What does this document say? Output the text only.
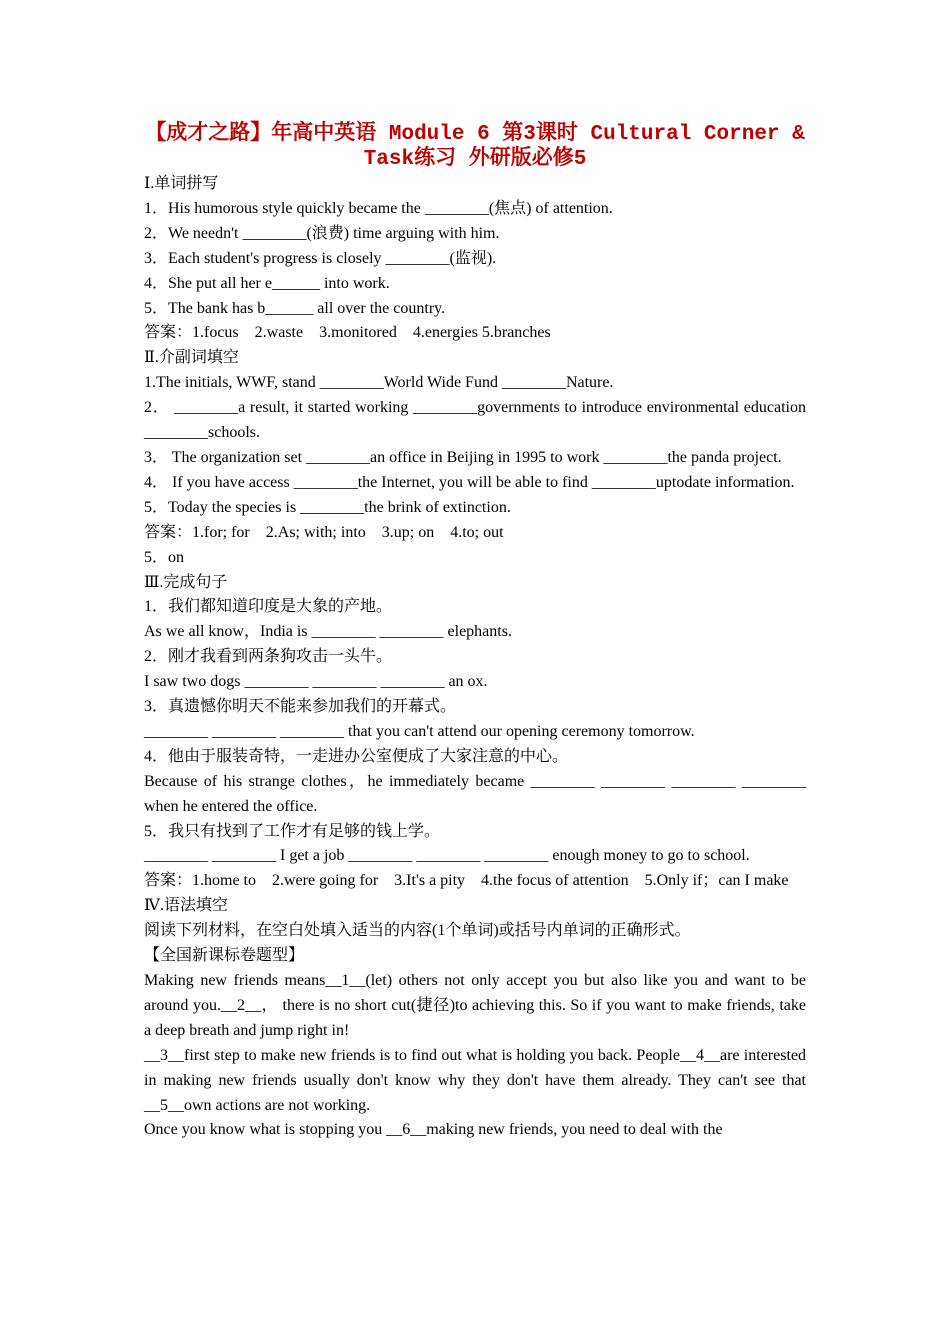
【成才之路】年高中英语 Module 6 第3课时 Cultural Corner &
Task练习 外研版必修5
Ⅰ.单词拼写
1．His humorous style quickly became the ________(焦点) of attention.
2．We needn't ________(浪费) time arguing with him.
3．Each student's progress is closely ________(监视).
4．She put all her e______ into work.
5．The bank has b______ all over the country.
答案：1.focus　2.waste　3.monitored　4.energies 5.branches
Ⅱ.介副词填空
1.The initials, WWF, stand ________World Wide Fund ________Nature.
2． ________a result, it started working ________governments to introduce environmental education ________schools.
3． The organization set ________an office in Beijing in 1995 to work ________the panda project.
4． If you have access ________the Internet, you will be able to find ________uptodate information.
5．Today the species is ________the brink of extinction.
答案：1.for; for　2.As; with; into　3.up; on　4.to; out
5．on
Ⅲ.完成句子
1．我们都知道印度是大象的产地。
As we all know，India is ________ ________ elephants.
2．刚才我看到两条狗攻击一头牛。
I saw two dogs ________ ________ ________ an ox.
3．真遗憾你明天不能来参加我们的开幕式。
________ ________ ________ that you can't attend our opening ceremony tomorrow.
4．他由于服装奇特，一走进办公室便成了大家注意的中心。
Because of his strange clothes，he immediately became ________ ________ ________ ________ when he entered the office.
5．我只有找到了工作才有足够的钱上学。
________ ________ I get a job ________ ________ ________ enough money to go to school.
答案：1.home to　2.were going for　3.It's a pity　4.the focus of attention　5.Only if；can I make
Ⅳ.语法填空
阅读下列材料，在空白处填入适当的内容(1个单词)或括号内单词的正确形式。
【全国新课标卷题型】
Making new friends means__1__(let) others not only accept you but also like you and want to be around you.__2__， there is no short cut(捷径)to achieving this. So if you want to make friends, take a deep breath and jump right in!
__3__first step to make new friends is to find out what is holding you back. People__4__are interested in making new friends usually don't know why they don't have them already. They can't see that __5__own actions are not working.
Once you know what is stopping you __6__making new friends, you need to deal with the
